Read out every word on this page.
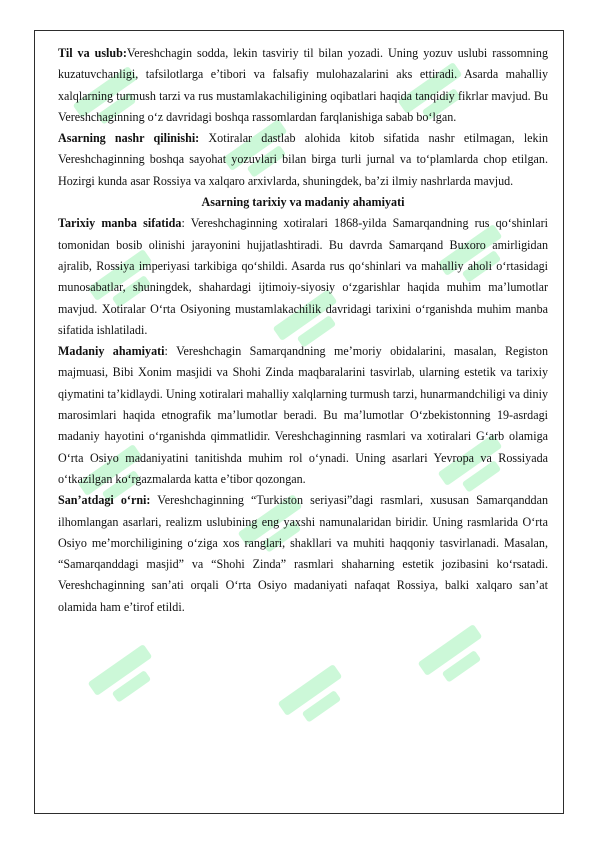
Til va uslub:Vereshchagin sodda, lekin tasviriy til bilan yozadi. Uning yozuv uslubi rassomning kuzatuvchanligi, tafsilotlarga e’tibori va falsafiy mulohazalarini aks ettiradi. Asarda mahalliy xalqlarning turmush tarzi va rus mustamlakachiligining oqibatlari haqida tanqidiy fikrlar mavjud. Bu Vereshchaginning o‘z davridagi boshqa rassomlardan farqlanishiga sabab bo‘lgan.

Asarning nashr qilinishi: Xotiralar dastlab alohida kitob sifatida nashr etilmagan, lekin Vereshchaginning boshqa sayohat yozuvlari bilan birga turli jurnal va to‘plamlarda chop etilgan. Hozirgi kunda asar Rossiya va xalqaro arxivlarda, shuningdek, ba’zi ilmiy nashrlarda mavjud.

Asarning tarixiy va madaniy ahamiyati

Tarixiy manba sifatida: Vereshchaginning xotiralari 1868-yilda Samarqandning rus qo‘shinlari tomonidan bosib olinishi jarayonini hujjatlashtiradi. Bu davrda Samarqand Buxoro amirligidan ajralib, Rossiya imperiyasi tarkibiga qo‘shildi. Asarda rus qo‘shinlari va mahalliy aholi o‘rtasidagi munosabatlar, shuningdek, shahardagi ijtimoiy-siyosiy o‘zgarishlar haqida muhim ma’lumotlar mavjud. Xotiralar O‘rta Osiyoning mustamlakachilik davridagi tarixini o‘rganishda muhim manba sifatida ishlatiladi.

Madaniy ahamiyati: Vereshchagin Samarqandning me’moriy obidalarini, masalan, Registon majmuasi, Bibi Xonim masjidi va Shohi Zinda maqbaralarini tasvirlab, ularning estetik va tarixiy qiymatini ta’kidlaydi. Uning xotiralari mahalliy xalqlarning turmush tarzi, hunarmandchiligi va diniy marosimlari haqida etnografik ma’lumotlar beradi. Bu ma’lumotlar O‘zbekistonning 19-asrdagi madaniy hayotini o‘rganishda qimmatlidir. Vereshchaginning rasmlari va xotiralari G‘arb olamiga O‘rta Osiyo madaniyatini tanitishda muhim rol o‘ynadi. Uning asarlari Yevropa va Rossiyada o‘tkazilgan ko‘rgazmalarda katta e’tibor qozongan.

San’atdagi o‘rni: Vereshchaginning “Turkiston seriyasi”dagi rasmlari, xususan Samarqanddan ilhomlangan asarlari, realizm uslubining eng yaxshi namunalaridan biridir. Uning rasmlarida O‘rta Osiyo me’morchiligining o‘ziga xos ranglari, shakllari va muhiti haqqoniy tasvirlanadi. Masalan, “Samarqanddagi masjid” va “Shohi Zinda” rasmlari shaharning estetik jozibasini ko‘rsatadi. Vereshchaginning san’ati orqali O‘rta Osiyo madaniyati nafaqat Rossiya, balki xalqaro san’at olamida ham e’tirof etildi.
